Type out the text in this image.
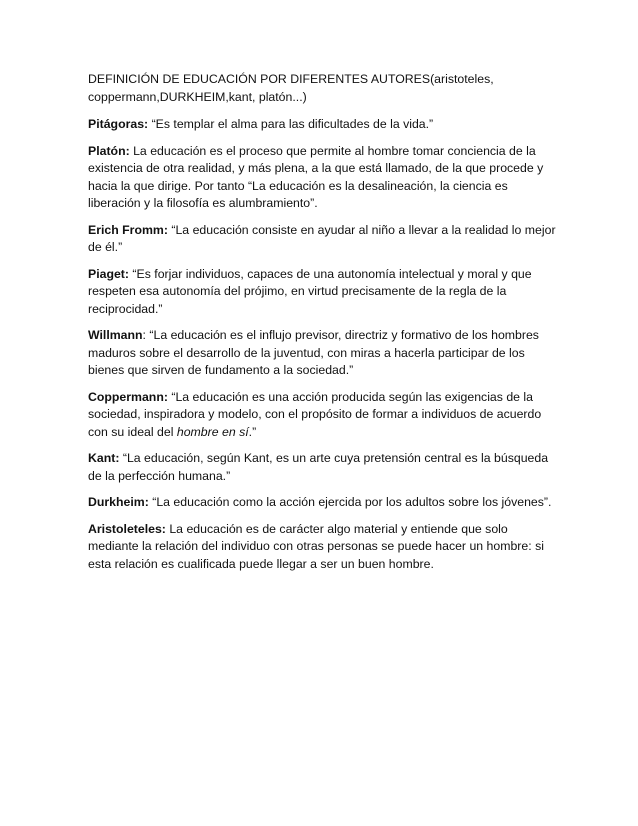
DEFINICIÓN DE EDUCACIÓN POR DIFERENTES AUTORES(aristoteles, coppermann,DURKHEIM,kant, platón...)

Pitágoras: “Es templar el alma para las dificultades de la vida.”

Platón: La educación es el proceso que permite al hombre tomar conciencia de la existencia de otra realidad, y más plena, a la que está llamado, de la que procede y hacia la que dirige. Por tanto “La educación es la desalineación, la ciencia es liberación y la filosofía es alumbramiento”.

Erich Fromm: “La educación consiste en ayudar al niño a llevar a la realidad lo mejor de él.”

Piaget: “Es forjar individuos, capaces de una autonomía intelectual y moral y que respeten esa autonomía del prójimo, en virtud precisamente de la regla de la reciprocidad.”

Willmann: “La educación es el influjo previsor, directriz y formativo de los hombres maduros sobre el desarrollo de la juventud, con miras a hacerla participar de los bienes que sirven de fundamento a la sociedad.”

Coppermann: “La educación es una acción producida según las exigencias de la sociedad, inspiradora y modelo, con el propósito de formar a individuos de acuerdo con su ideal del hombre en sí.”

Kant: “La educación, según Kant, es un arte cuya pretensión central es la búsqueda de la perfección humana.”

Durkheim: “La educación como la acción ejercida por los adultos sobre los jóvenes”.

Aristoleteles: La educación es de carácter algo material y entiende que solo mediante la relación del individuo con otras personas se puede hacer un hombre: si esta relación es cualificada puede llegar a ser un buen hombre.
